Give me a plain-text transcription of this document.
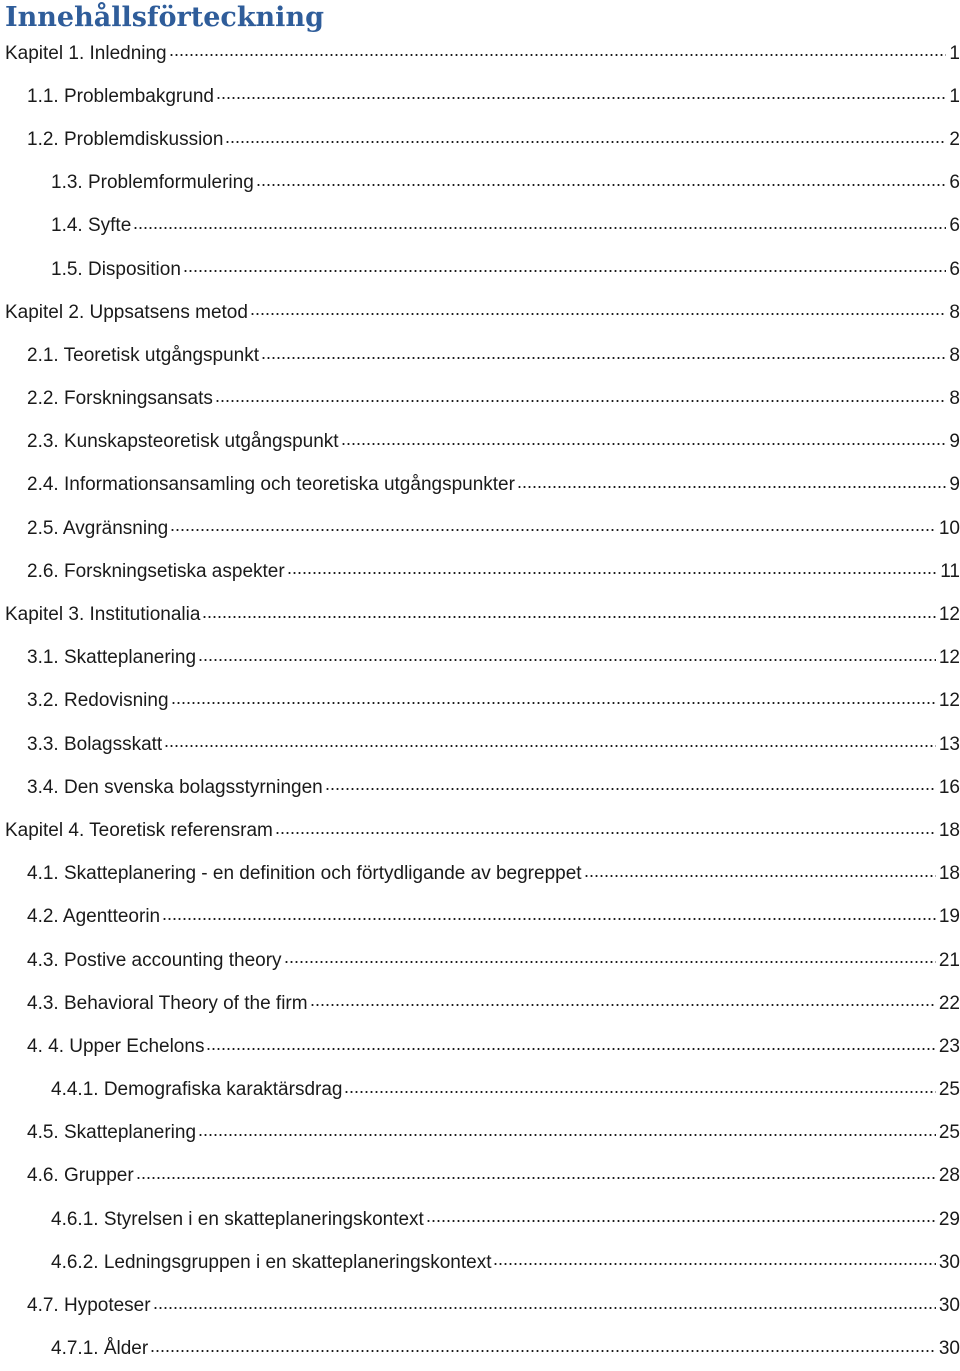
Innehållsförteckning
Kapitel 1. Inledning	1
1.1. Problembakgrund	1
1.2. Problemdiskussion	2
1.3. Problemformulering	6
1.4. Syfte	6
1.5. Disposition	6
Kapitel 2. Uppsatsens metod	8
2.1. Teoretisk utgångspunkt	8
2.2. Forskningsansats	8
2.3. Kunskapsteoretisk utgångspunkt	9
2.4. Informationsansamling och teoretiska utgångspunkter	9
2.5. Avgränsning	10
2.6. Forskningsetiska aspekter	11
Kapitel 3. Institutionalia	12
3.1. Skatteplanering	12
3.2. Redovisning	12
3.3. Bolagsskatt	13
3.4. Den svenska bolagsstyrningen	16
Kapitel 4. Teoretisk referensram	18
4.1. Skatteplanering - en definition och förtydligande av begreppet	18
4.2. Agentteorin	19
4.3. Postive accounting theory	21
4.3. Behavioral Theory of the firm	22
4. 4. Upper Echelons	23
4.4.1. Demografiska karaktärsdrag	25
4.5. Skatteplanering	25
4.6. Grupper	28
4.6.1. Styrelsen i en skatteplaneringskontext	29
4.6.2. Ledningsgruppen i en skatteplaneringskontext	30
4.7. Hypoteser	30
4.7.1. Ålder	30
